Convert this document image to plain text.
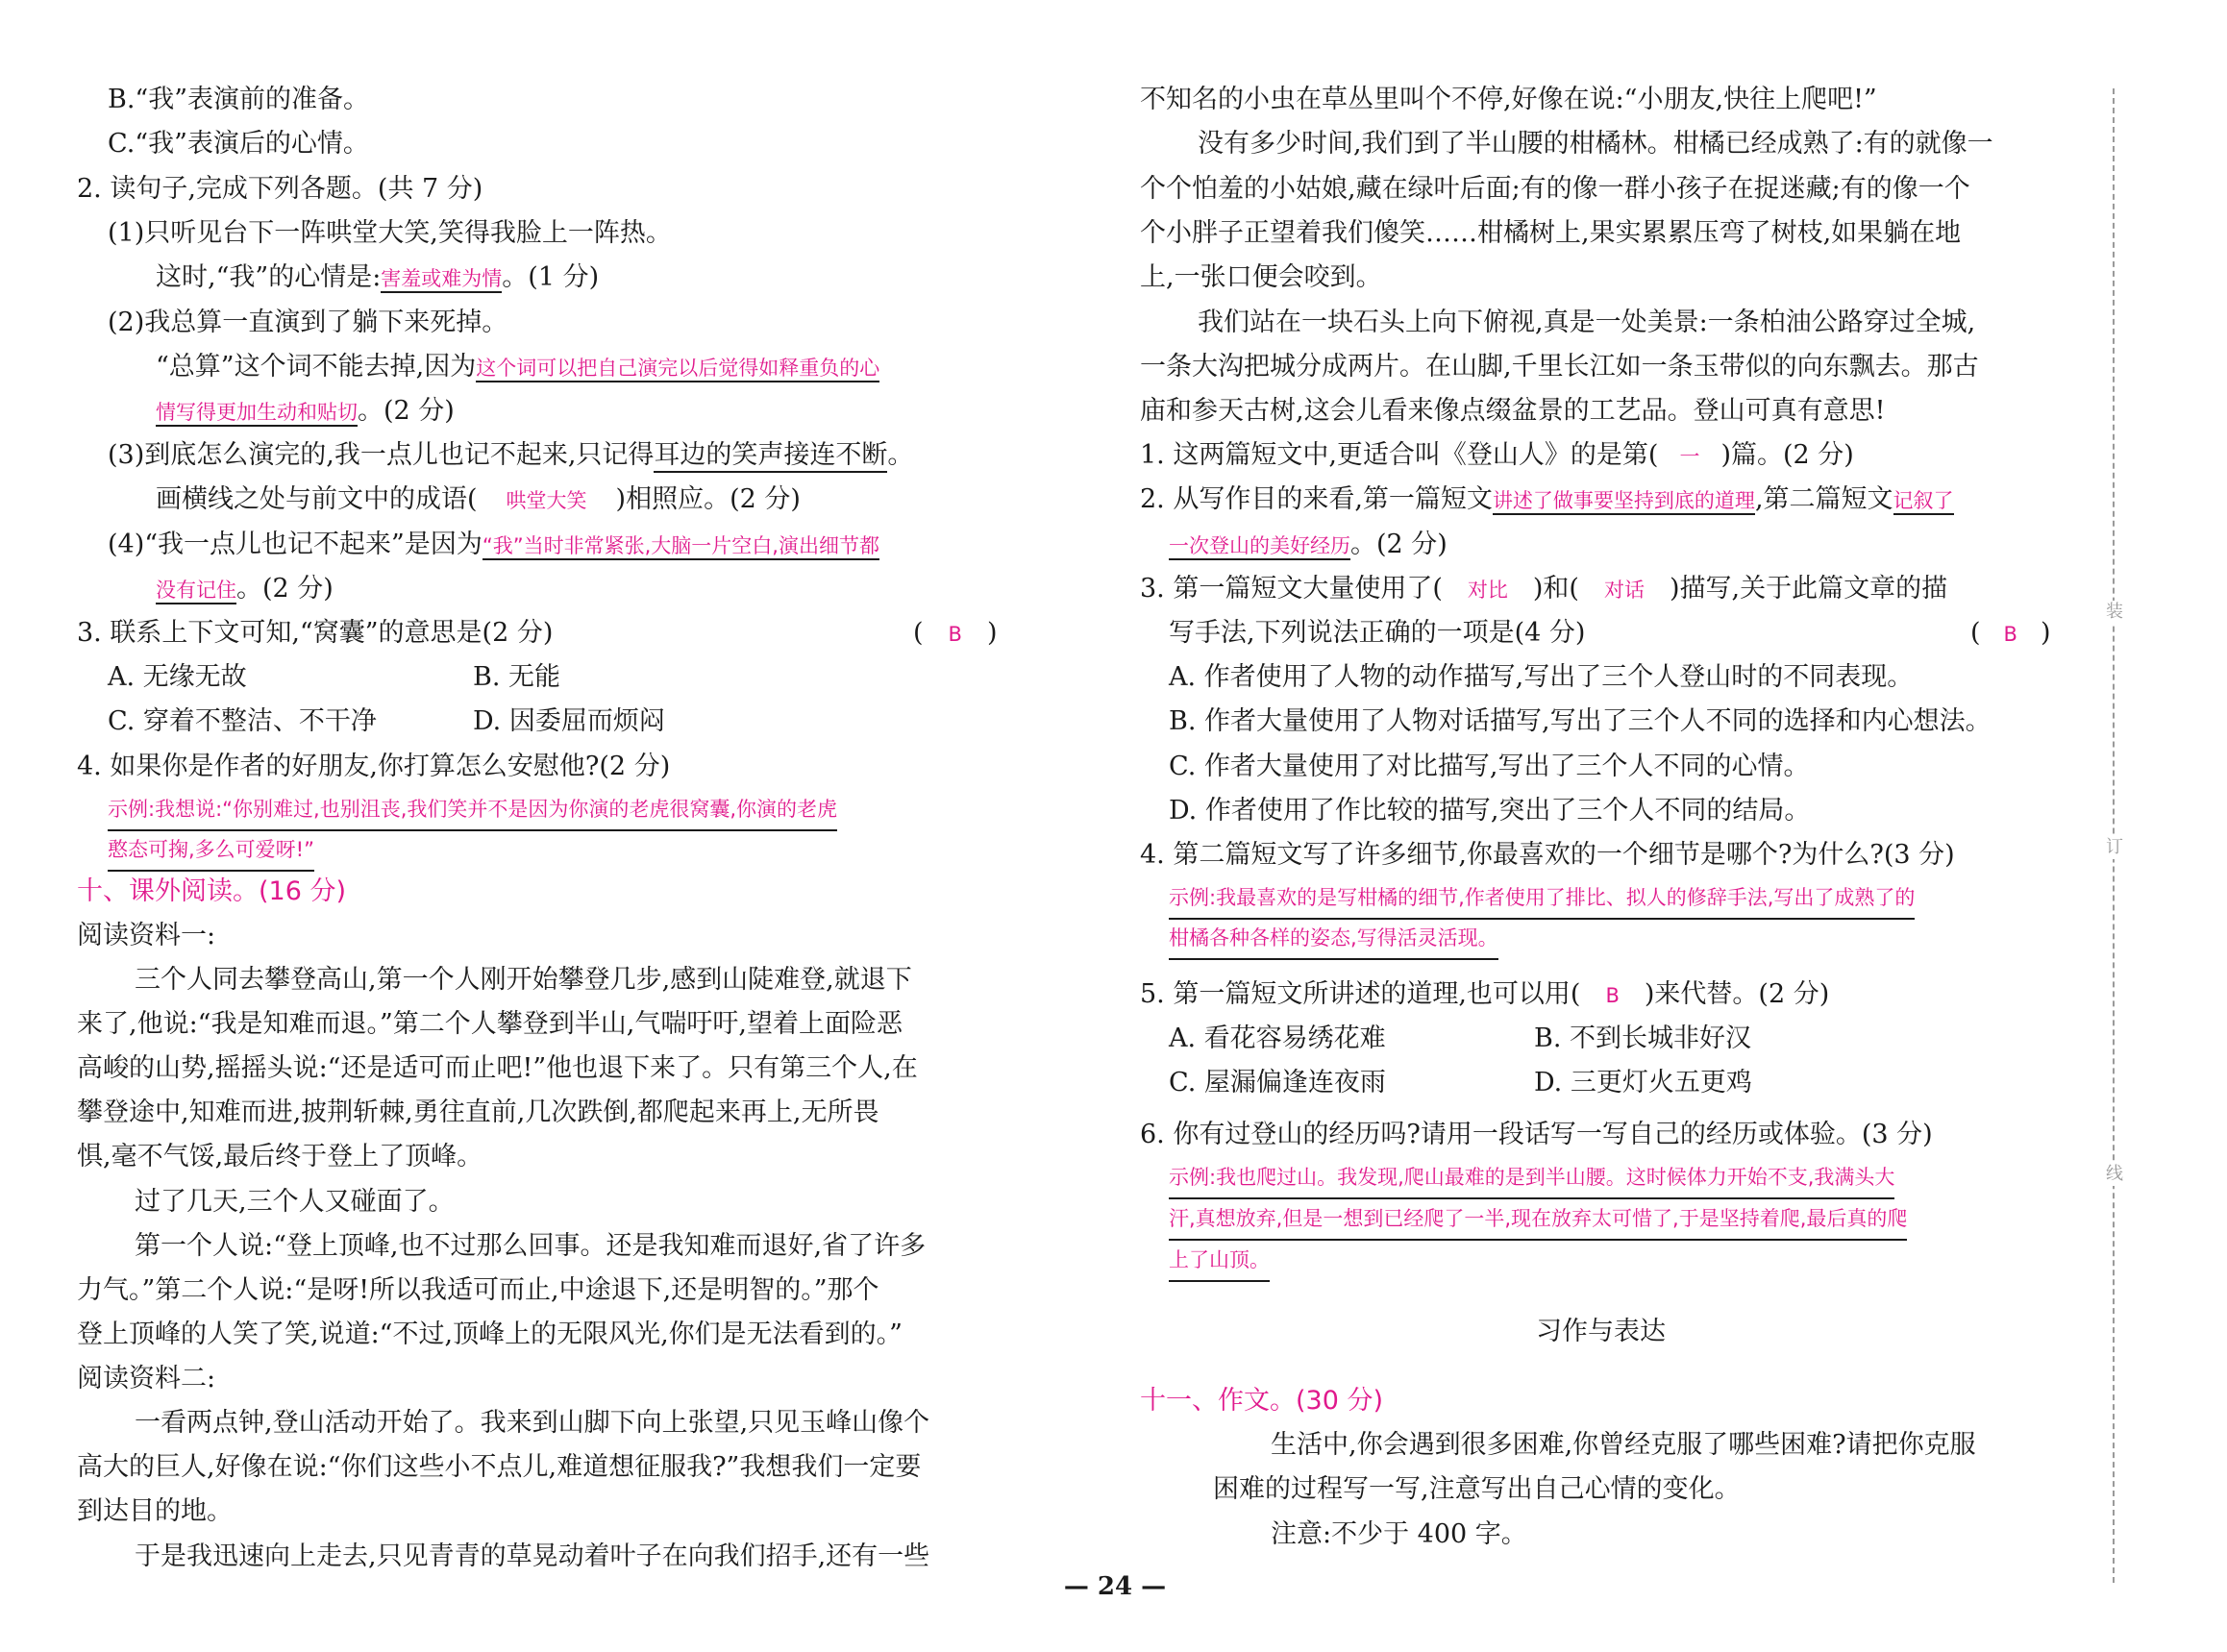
B.“我”表演前的准备。
C.“我”表演后的心情。
2. 读句子,完成下列各题。(共 7 分)
(1)只听见台下一阵哄堂大笑,笑得我脸上一阵热。
这时,“我”的心情是:害羞或难为情。(1 分)
(2)我总算一直演到了躺下来死掉。
“总算”这个词不能去掉,因为这个词可以把自己演完以后觉得如释重负的心
情写得更加生动和贴切。(2 分)
(3)到底怎么演完的,我一点儿也记不起来,只记得耳边的笑声接连不断。
画横线之处与前文中的成语( 哄堂大笑 )相照应。(2 分)
(4)“我一点儿也记不起来”是因为“我”当时非常紧张,大脑一片空白,演出细节都
没有记住。(2 分)
3. 联系上下文可知,“窝囊”的意思是(2 分)	( B )
A. 无缘无故	B. 无能
C. 穿着不整洁、不干净	D. 因委屈而烦闷
4. 如果你是作者的好朋友,你打算怎么安慰他?(2 分)
示例:我想说:“你别难过,也别沮丧,我们笑并不是因为你演的老虎很窝囊,你演的老虎
憨态可掬,多么可爱呀!”
十、课外阅读。(16 分)
阅读资料一:
三个人同去攀登高山,第一个人刚开始攀登几步,感到山陡难登,就退下
来了,他说:“我是知难而退。”第二个人攀登到半山,气喘吁吁,望着上面险恶
高峻的山势,摇摇头说:“还是适可而止吧!”他也退下来了。只有第三个人,在
攀登途中,知难而进,披荆斩棘,勇往直前,几次跌倒,都爬起来再上,无所畏
惧,毫不气馁,最后终于登上了顶峰。
过了几天,三个人又碰面了。
第一个人说:“登上顶峰,也不过那么回事。还是我知难而退好,省了许多
力气。”第二个人说:“是呀!所以我适可而止,中途退下,还是明智的。”那个
登上顶峰的人笑了笑,说道:“不过,顶峰上的无限风光,你们是无法看到的。”
阅读资料二:
一看两点钟,登山活动开始了。我来到山脚下向上张望,只见玉峰山像个
高大的巨人,好像在说:“你们这些小不点儿,难道想征服我?”我想我们一定要
到达目的地。
于是我迅速向上走去,只见青青的草晃动着叶子在向我们招手,还有一些
不知名的小虫在草丛里叫个不停,好像在说:“小朋友,快往上爬吧!”
没有多少时间,我们到了半山腰的柑橘林。柑橘已经成熟了:有的就像一
个个怕羞的小姑娘,藏在绿叶后面;有的像一群小孩子在捉迷藏;有的像一个
个小胖子正望着我们傻笑……柑橘树上,果实累累压弯了树枝,如果躺在地
上,一张口便会咬到。
我们站在一块石头上向下俯视,真是一处美景:一条柏油公路穿过全城,
一条大沟把城分成两片。在山脚,千里长江如一条玉带似的向东飘去。那古
庙和参天古树,这会儿看来像点缀盆景的工艺品。登山可真有意思!
1. 这两篇短文中,更适合叫《登山人》的是第( 一 )篇。(2 分)
2. 从写作目的来看,第一篇短文讲述了做事要坚持到底的道理,第二篇短文记叙了
一次登山的美好经历。(2 分)
3. 第一篇短文大量使用了( 对比 )和( 对话 )描写,关于此篇文章的描
写手法,下列说法正确的一项是(4 分)	( B )
A. 作者使用了人物的动作描写,写出了三个人登山时的不同表现。
B. 作者大量使用了人物对话描写,写出了三个人不同的选择和内心想法。
C. 作者大量使用了对比描写,写出了三个人不同的心情。
D. 作者使用了作比较的描写,突出了三个人不同的结局。
4. 第二篇短文写了许多细节,你最喜欢的一个细节是哪个?为什么?(3 分)
示例:我最喜欢的是写柑橘的细节,作者使用了排比、拟人的修辞手法,写出了成熟了的
柑橘各种各样的姿态,写得活灵活现。
5. 第一篇短文所讲述的道理,也可以用( B )来代替。(2 分)
A. 看花容易绣花难	B. 不到长城非好汉
C. 屋漏偏逢连夜雨	D. 三更灯火五更鸡
6. 你有过登山的经历吗?请用一段话写一写自己的经历或体验。(3 分)
示例:我也爬过山。我发现,爬山最难的是到半山腰。这时候体力开始不支,我满头大
汗,真想放弃,但是一想到已经爬了一半,现在放弃太可惜了,于是坚持着爬,最后真的爬
上了山顶。
习作与表达
十一、作文。(30 分)
生活中,你会遇到很多困难,你曾经克服了哪些困难?请把你克服
困难的过程写一写,注意写出自己心情的变化。
注意:不少于 400 字。
装
订
线
— 24 —
